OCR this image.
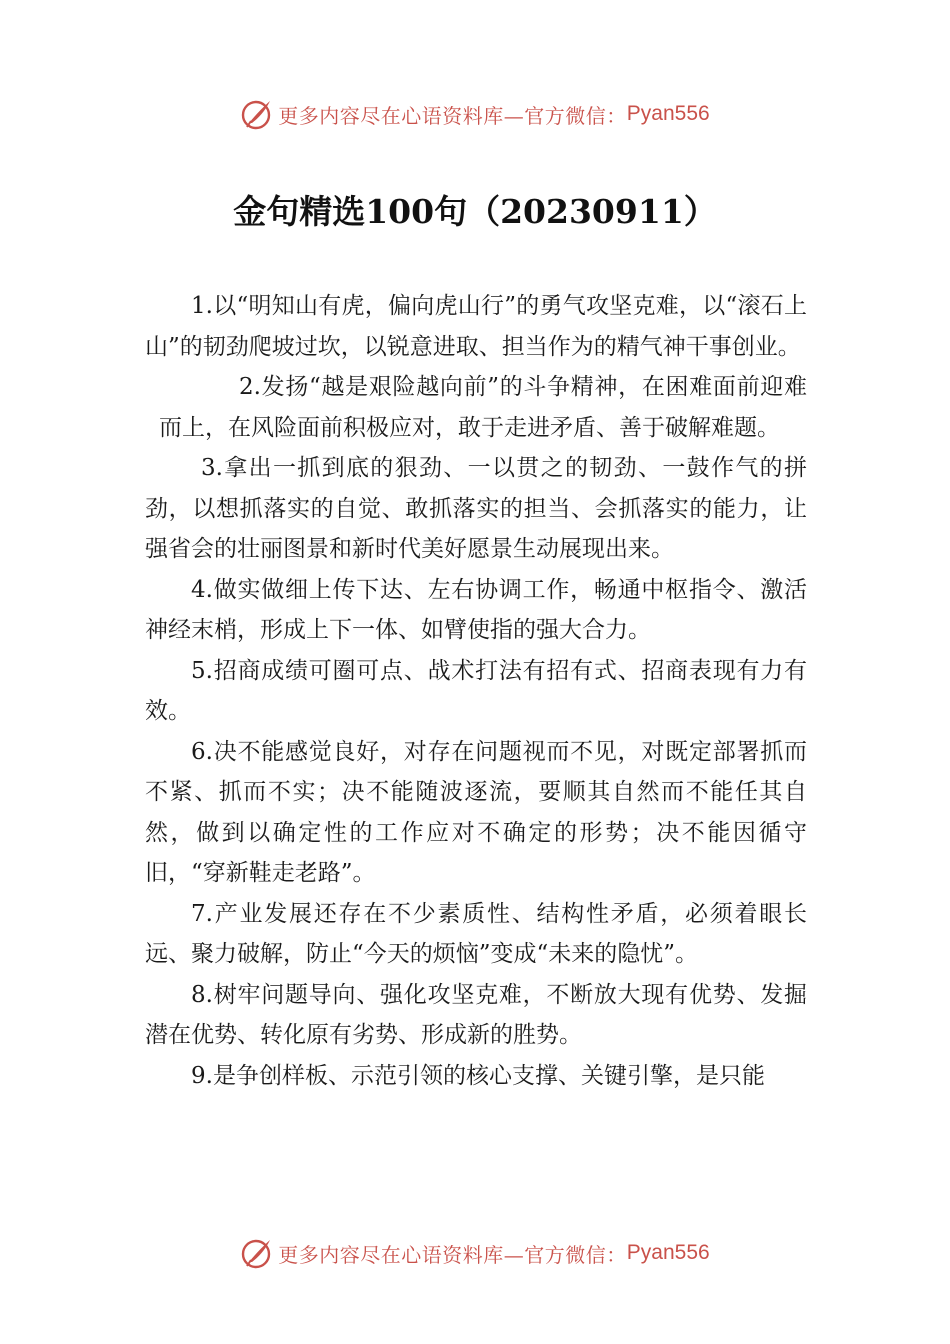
更多内容尽在心语资料库—官方微信： Pyan556
金句精选100句（20230911）

1.以“明知山有虎，偏向虎山行”的勇气攻坚克难，以“滚石上山”的韧劲爬坡过坎，以锐意进取、担当作为的精气神干事创业。

2.发扬“越是艰险越向前”的斗争精神，在困难面前迎难而上，在风险面前积极应对，敢于走进矛盾、善于破解难题。

3.拿出一抓到底的狠劲、一以贯之的韧劲、一鼓作气的拼劲，以想抓落实的自觉、敢抓落实的担当、会抓落实的能力，让强省会的壮丽图景和新时代美好愿景生动展现出来。

4.做实做细上传下达、左右协调工作，畅通中枢指令、激活神经末梢，形成上下一体、如臂使指的强大合力。

5.招商成绩可圈可点、战术打法有招有式、招商表现有力有效。

6.决不能感觉良好，对存在问题视而不见，对既定部署抓而不紧、抓而不实；决不能随波逐流，要顺其自然而不能任其自然，做到以确定性的工作应对不确定的形势；决不能因循守旧，“穿新鞋走老路”。

7.产业发展还存在不少素质性、结构性矛盾，必须着眼长远、聚力破解，防止“今天的烦恼”变成“未来的隐忧”。

8.树牢问题导向、强化攻坚克难，不断放大现有优势、发掘潜在优势、转化原有劣势、形成新的胜势。

9.是争创样板、示范引领的核心支撑、关键引擎，是只能

更多内容尽在心语资料库—官方微信： Pyan556
